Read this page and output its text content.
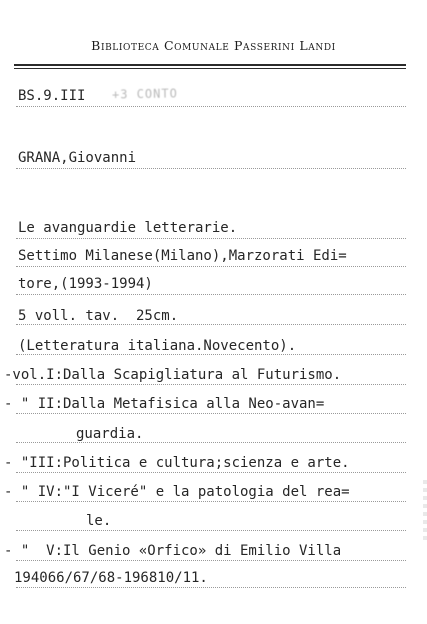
Biblioteca Comunale Passerini Landi
BS.9.III +3 CONTO
GRANA,Giovanni
Le avanguardie letterarie.
Settimo Milanese(Milano),Marzorati Edi=
tore,(1993-1994)
5 voll. tav.  25cm.
(Letteratura italiana.Novecento).
-vol.I:Dalla Scapigliatura al Futurismo.
- " II:Dalla Metafisica alla Neo-avan=
guardia.
- "III:Politica e cultura;scienza e arte.
- " IV:"I Viceré" e la patologia del rea=
le.
- "  V:Il Genio «Orfico» di Emilio Villa
194066/67/68-196810/11.
